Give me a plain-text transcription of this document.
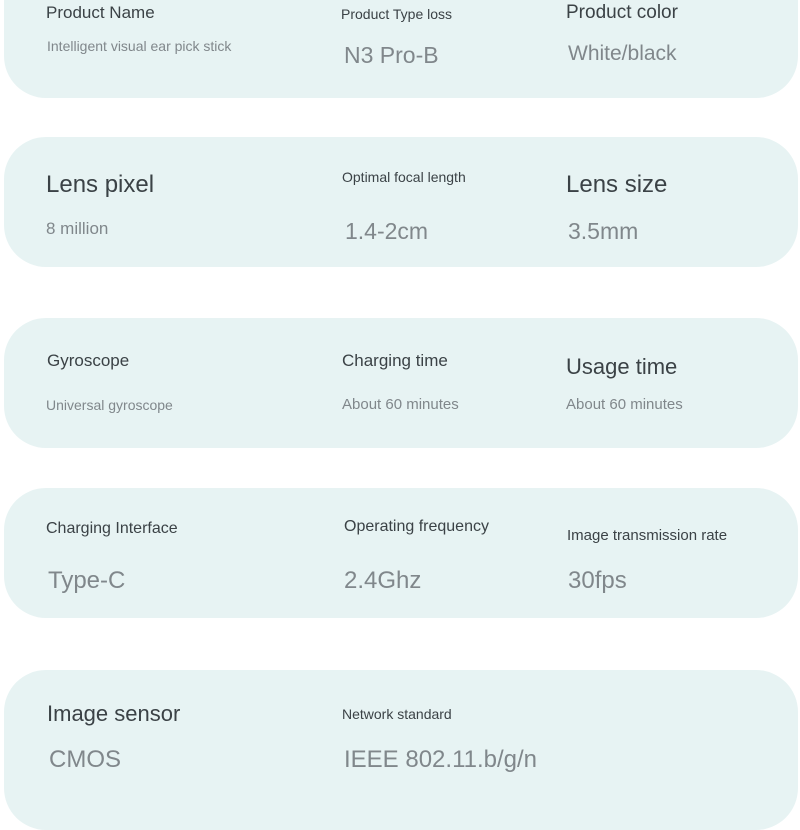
Product Name
Intelligent visual ear pick stick
Product Type loss
N3 Pro-B
Product color
White/black
Lens pixel
8 million
Optimal focal length
1.4-2cm
Lens size
3.5mm
Gyroscope
Universal gyroscope
Charging time
About 60 minutes
Usage time
About 60 minutes
Charging Interface
Type-C
Operating frequency
2.4Ghz
Image transmission rate
30fps
Image sensor
CMOS
Network standard
IEEE 802.11.b/g/n
